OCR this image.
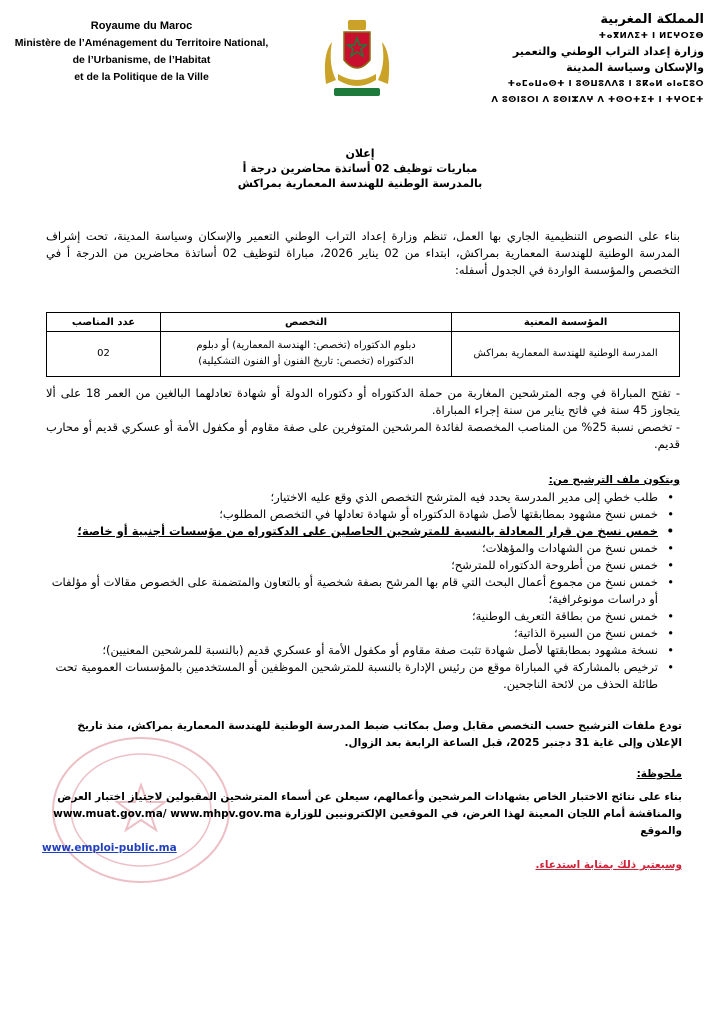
Royaume du Maroc
Ministère de l’Aménagement du Territoire National,
de l’Urbanisme, de l’Habitat
et de la Politique de la Ville
المملكة المغربية
ⵜⴰⴳⵍⴷⵉⵜ ⵏ ⵍⵎⵖⵔⵉⴱ
وزارة إعداد التراب الوطني والتعمير والإسكان وسياسة المدينة
ⵜⴰⵎⴰⵡⴰⵙⵜ ⵏ ⵓⵙⵡⵓⴷⴷⵓ ⵏ ⵓⴽⴰⵍ ⴰⵏⴰⵎⵓⵔ
ⴷ ⵓⵙⵏⵓⵔⵏ ⴷ ⵓⵙⵏⵣⴷⵖ ⴷ ⵜⵙⵔⵜⵉⵜ ⵏ ⵜⵖⵔⵎⵜ
إعلان
مباريات توظيف 02 أساتذة محاضرين درجة أ
بالمدرسة الوطنية للهندسة المعمارية بمراكش
بناء على النصوص التنظيمية الجاري بها العمل، تنظم وزارة إعداد التراب الوطني التعمير والإسكان وسياسة المدينة، تحت إشراف المدرسة الوطنية للهندسة المعمارية بمراكش، ابتداء من 02 يناير 2026، مباراة لتوظيف 02 أساتذة محاضرين من الدرجة أ في التخصص والمؤسسة الواردة في الجدول أسفله:
المؤسسة المعنية	التخصص	عدد المناصب
المدرسة الوطنية للهندسة المعمارية بمراكش	دبلوم الدكتوراه (تخصص: الهندسة المعمارية) أو دبلوم
الدكتوراه (تخصص: تاريخ الفنون أو الفنون التشكيلية)	02
- تفتح المباراة في وجه المترشحين المغاربة من حملة الدكتوراه أو دكتوراه الدولة أو شهادة تعادلهما البالغين من العمر 18 على ألا يتجاوز 45 سنة في فاتح يناير من سنة إجراء المباراة.
- تخصص نسبة 25% من المناصب المخصصة لفائدة المرشحين المتوفرين على صفة مقاوم أو مكفول الأمة أو عسكري قديم أو محارب قديم.
ويتكون ملف الترشيح من:
• طلب خطي إلى مدير المدرسة يحدد فيه المترشح التخصص الذي وقع عليه الاختيار؛
• خمس نسخ مشهود بمطابقتها لأصل شهادة الدكتوراه أو شهادة تعادلها في التخصص المطلوب؛
• خمس نسخ من قرار المعادلة بالنسبة للمترشحين الحاصلين على الدكتوراه من مؤسسات أجنبية أو خاصة؛
• خمس نسخ من الشهادات والمؤهلات؛
• خمس نسخ من أطروحة الدكتوراه للمترشح؛
• خمس نسخ من مجموع أعمال البحث التي قام بها المرشح بصفة شخصية أو بالتعاون والمتضمنة على الخصوص مقالات أو مؤلفات أو دراسات مونوغرافية؛
• خمس نسخ من بطاقة التعريف الوطنية؛
• خمس نسخ من السيرة الذاتية؛
• نسخة مشهود بمطابقتها لأصل شهادة تثبت صفة مقاوم أو مكفول الأمة أو عسكري قديم (بالنسبة للمرشحين المعنيين)؛
• ترخيص بالمشاركة في المباراة موقع من رئيس الإدارة بالنسبة للمترشحين الموظفين أو المستخدمين بالمؤسسات العمومية تحت طائلة الحذف من لائحة الناجحين.
تودع ملفات الترشيح حسب التخصص مقابل وصل بمكاتب ضبط المدرسة الوطنية للهندسة المعمارية بمراكش، منذ تاريخ الإعلان وإلى غاية 31 دجنبر 2025، قبل الساعة الرابعة بعد الزوال.
ملحوظة:
بناء على نتائج الاختبار الخاص بشهادات المرشحين وأعمالهم، سيعلن عن أسماء المترشحين المقبولين لاجتياز اختبار العرض والمناقشة أمام اللجان المعينة لهذا الغرض، في الموقعين الإلكترونيين للوزارة www.muat.gov.ma/ www.mhpv.gov.ma والموقع
www.emploi-public.ma
وسيعتبر ذلك بمثابة استدعاء.
